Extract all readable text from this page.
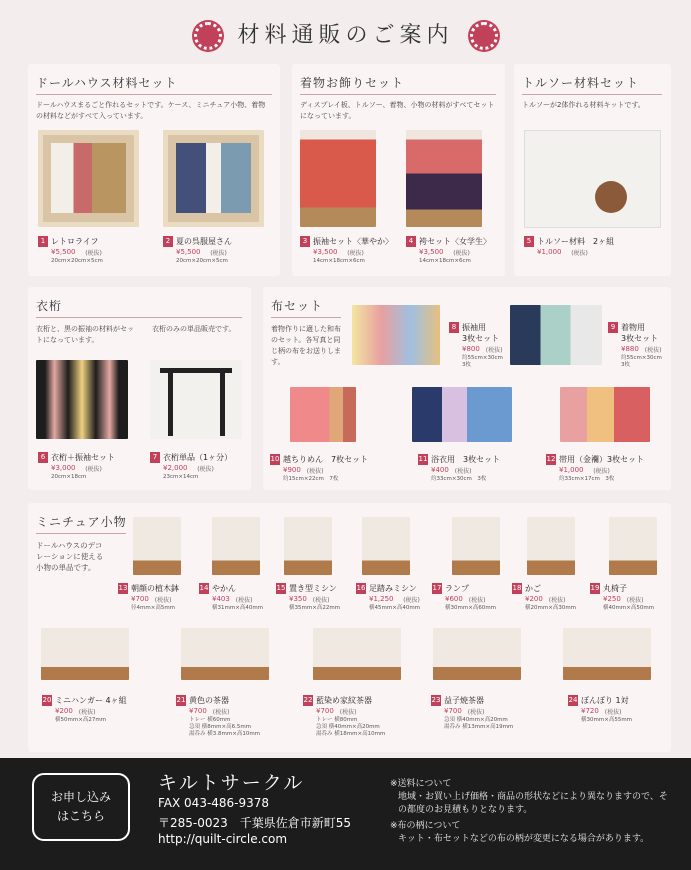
材料通販のご案内
ドールハウス材料セット
ドールハウスまるごと作れるセットです。ケース、ミニチュア小物、着物の材料などがすべて入っています。
着物お飾りセット
ディスプレイ板、トルソー、着物、小物の材料がすべてセットになっています。
トルソー材料セット
トルソーが2体作れる材料キットです。
衣桁
衣桁と、黒の振袖の材料がセットになっています。
衣桁のみの単品販売です。
布セット
着物作りに適した和布のセット。各写真と同じ柄の布をお送りします。
ミニチュア小物
ドールハウスのデコレーションに使える小物の単品です。
1 レトロライフ
¥5,500 (税抜)
20cm×20cm×5cm
2 夏の呉服屋さん
¥5,500 (税抜)
20cm×20cm×5cm
3 振袖セット〈華やか〉
¥3,500 (税抜)
14cm×18cm×6cm
4 袴セット〈女学生〉
¥3,500 (税抜)
14cm×18cm×6cm
5 トルソー材料　2ヶ組
¥1,000 (税抜)
6 衣桁＋振袖セット
¥3,000 (税抜)
20cm×18cm
7 衣桁単品（1ヶ分）
¥2,000 (税抜)
23cm×14cm
8 振袖用
3枚セット
¥800 (税抜)
約55cm×30cm
3枚
9 着物用
3枚セット
¥880 (税抜)
約55cm×30cm
3枚
10 越ちりめん　7枚セット
¥900 (税抜)
約15cm×22cm　7枚
11 浴衣用　3枚セット
¥400 (税抜)
約33cm×30cm　3枚
12 帯用（金襴）3枚セット
¥1,000 (税抜)
約33cm×17cm　3枚
13 朝顔の植木鉢
¥700 (税抜)
径4mm×高5mm
14 やかん
¥403 (税抜)
横31mm×高40mm
15 置き型ミシン
¥350 (税抜)
横35mm×高22mm
16 足踏みミシン
¥1,250 (税抜)
横45mm×高40mm
17 ランプ
¥600 (税抜)
横30mm×高60mm
18 かご
¥200 (税抜)
横20mm×高30mm
19 丸椅子
¥250 (税抜)
横40mm×高50mm
20 ミニハンガー 4ヶ組
¥200 (税抜)
横50mm×高27mm
21 黄色の茶器
¥700 (税抜)
トレー 横60mm
急須 横8mm×高6.5mm
湯呑み 横3.8mm×高10mm
22 藍染め家紋茶器
¥700 (税抜)
トレー 横80mm
急須 横40mm×高20mm
湯呑み 横18mm×高10mm
23 益子焼茶器
¥700 (税抜)
急須 横40mm×高20mm
湯呑み 横13mm×高19mm
24 ぼんぼり 1対
¥720 (税抜)
横30mm×高55mm
お申し込み
はこちら
キルトサークル
FAX 043-486-9378
〒285-0023　千葉県佐倉市新町55
http://quilt-circle.com
※送料について
地域・お買い上げ価格・商品の形状などにより異なりますので、その都度のお見積もりとなります。
※布の柄について
キット・布セットなどの布の柄が変更になる場合があります。
